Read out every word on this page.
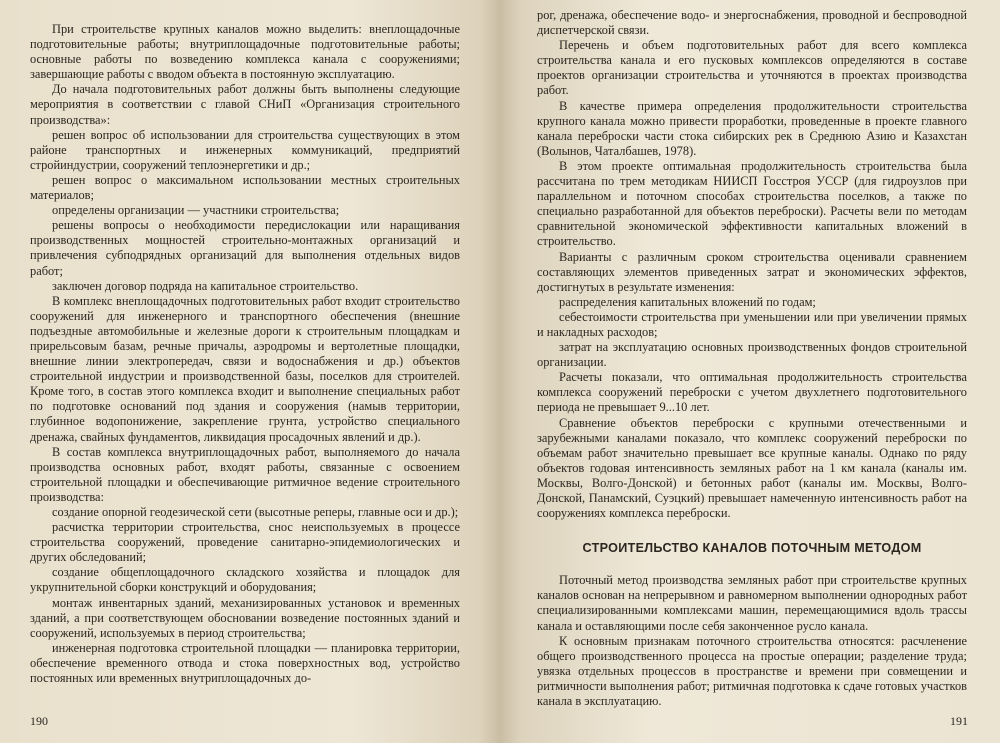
При строительстве крупных каналов можно выделить: внеплощадочные подготовительные работы; внутриплощадочные подготовительные работы; основные работы по возведению комплекса канала с сооружениями; завершающие работы с вводом объекта в постоянную эксплуатацию.

До начала подготовительных работ должны быть выполнены следующие мероприятия в соответствии с главой СНиП «Организация строительного производства»:

решен вопрос об использовании для строительства существующих в этом районе транспортных и инженерных коммуникаций, предприятий стройиндустрии, сооружений теплоэнергетики и др.;

решен вопрос о максимальном использовании местных строительных материалов;

определены организации — участники строительства;

решены вопросы о необходимости передислокации или наращивания производственных мощностей строительно-монтажных организаций и привлечения субподрядных организаций для выполнения отдельных видов работ;

заключен договор подряда на капитальное строительство.

В комплекс внеплощадочных подготовительных работ входит строительство сооружений для инженерного и транспортного обеспечения (внешние подъездные автомобильные и железные дороги к строительным площадкам и прирельсовым базам, речные причалы, аэродромы и вертолетные площадки, внешние линии электропередач, связи и водоснабжения и др.) объектов строительной индустрии и производственной базы, поселков для строителей. Кроме того, в состав этого комплекса входит и выполнение специальных работ по подготовке оснований под здания и сооружения (намыв территории, глубинное водопонижение, закрепление грунта, устройство специального дренажа, свайных фундаментов, ликвидация просадочных явлений и др.).

В состав комплекса внутриплощадочных работ, выполняемого до начала производства основных работ, входят работы, связанные с освоением строительной площадки и обеспечивающие ритмичное ведение строительного производства:

создание опорной геодезической сети (высотные реперы, главные оси и др.);

расчистка территории строительства, снос неиспользуемых в процессе строительства сооружений, проведение санитарно-эпидемиологических и других обследований;

создание общеплощадочного складского хозяйства и площадок для укрупнительной сборки конструкций и оборудования;

монтаж инвентарных зданий, механизированных установок и временных зданий, а при соответствующем обосновании возведение постоянных зданий и сооружений, используемых в период строительства;

инженерная подготовка строительной площадки — планировка территории, обеспечение временного отвода и стока поверхностных вод, устройство постоянных или временных внутриплощадочных до-

190

рог, дренажа, обеспечение водо- и энергоснабжения, проводной и беспроводной диспетчерской связи.

Перечень и объем подготовительных работ для всего комплекса строительства канала и его пусковых комплексов определяются в составе проектов организации строительства и уточняются в проектах производства работ.

В качестве примера определения продолжительности строительства крупного канала можно привести проработки, проведенные в проекте главного канала переброски части стока сибирских рек в Среднюю Азию и Казахстан (Волынов, Чаталбашев, 1978).

В этом проекте оптимальная продолжительность строительства была рассчитана по трем методикам НИИСП Госстроя УССР (для гидроузлов при параллельном и поточном способах строительства поселков, а также по специально разработанной для объектов переброски). Расчеты вели по методам сравнительной экономической эффективности капитальных вложений в строительство.

Варианты с различным сроком строительства оценивали сравнением составляющих элементов приведенных затрат и экономических эффектов, достигнутых в результате изменения:

распределения капитальных вложений по годам;

себестоимости строительства при уменьшении или при увеличении прямых и накладных расходов;

затрат на эксплуатацию основных производственных фондов строительной организации.

Расчеты показали, что оптимальная продолжительность строительства комплекса сооружений переброски с учетом двухлетнего подготовительного периода не превышает 9...10 лет.

Сравнение объектов переброски с крупными отечественными и зарубежными каналами показало, что комплекс сооружений переброски по объемам работ значительно превышает все крупные каналы. Однако по ряду объектов годовая интенсивность земляных работ на 1 км канала (каналы им. Москвы, Волго-Донской) и бетонных работ (каналы им. Москвы, Волго-Донской, Панамский, Суэцкий) превышает намеченную интенсивность работ на сооружениях комплекса переброски.

СТРОИТЕЛЬСТВО КАНАЛОВ ПОТОЧНЫМ МЕТОДОМ

Поточный метод производства земляных работ при строительстве крупных каналов основан на непрерывном и равномерном выполнении однородных работ специализированными комплексами машин, перемещающимися вдоль трассы канала и оставляющими после себя законченное русло канала.

К основным признакам поточного строительства относятся: расчленение общего производственного процесса на простые операции; разделение труда; увязка отдельных процессов в пространстве и времени при совмещении и ритмичности выполнения работ; ритмичная подготовка к сдаче готовых участков канала в эксплуатацию.

191
